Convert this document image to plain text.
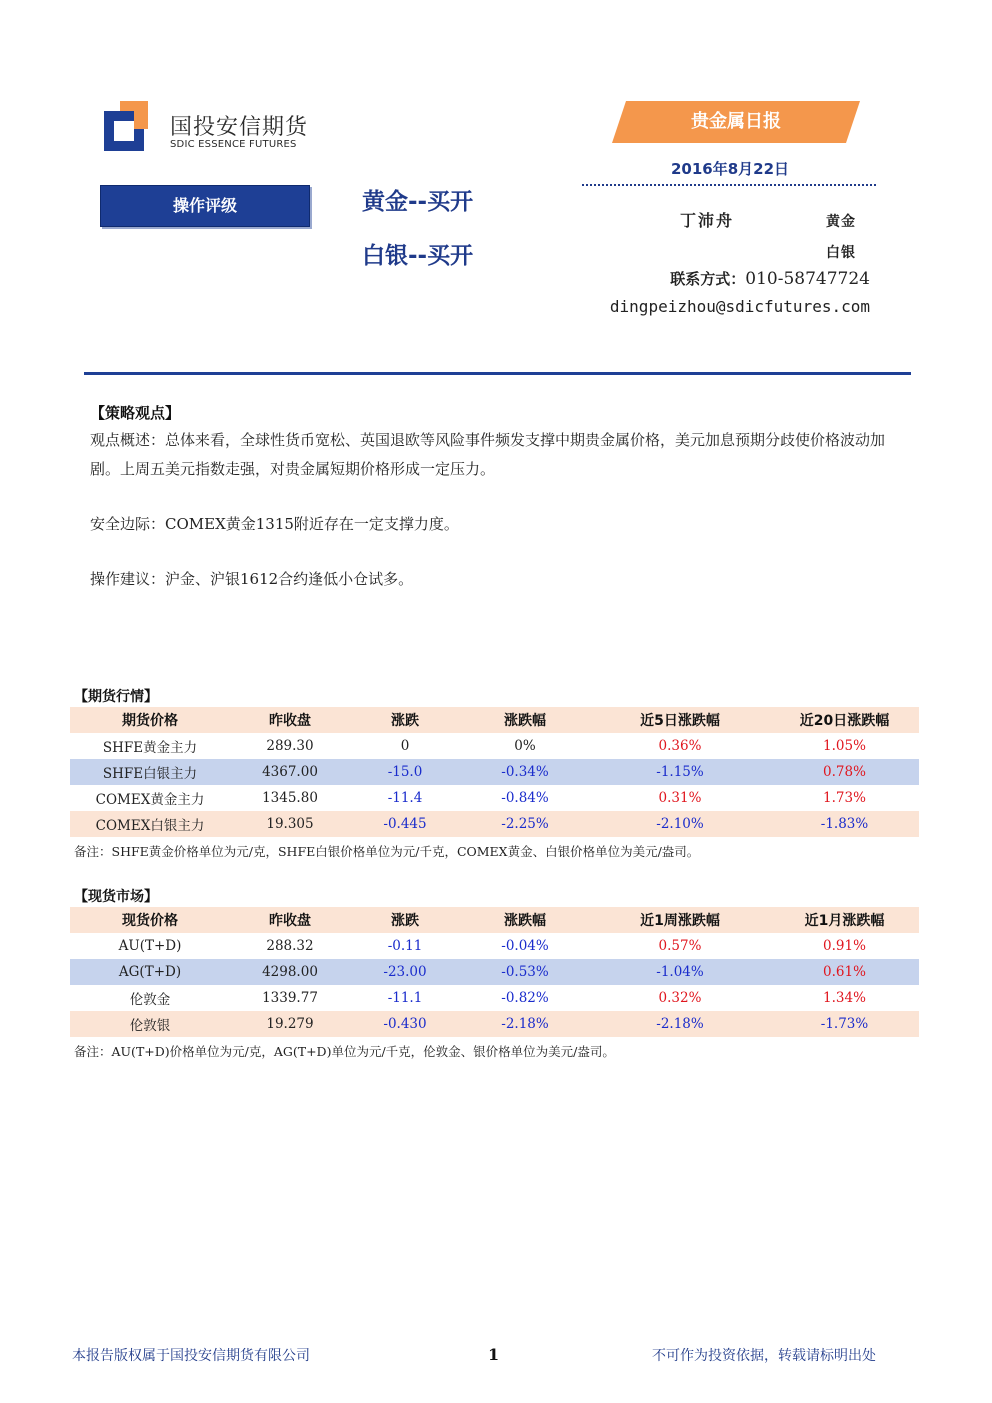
国投安信期货
SDIC ESSENCE FUTURES
贵金属日报
2016年8月22日
操作评级	黄金--买开
白银--买开
丁沛舟	黄金
白银
联系方式：010-58747724
dingpeizhou@sdicfutures.com
【策略观点】
观点概述：总体来看，全球性货币宽松、英国退欧等风险事件频发支撑中期贵金属价格，美元加息预期分歧使价格波动加剧。上周五美元指数走强，对贵金属短期价格形成一定压力。
安全边际：COMEX黄金1315附近存在一定支撑力度。
操作建议：沪金、沪银1612合约逢低小仓试多。
【期货行情】
期货价格	昨收盘	涨跌	涨跌幅	近5日涨跌幅	近20日涨跌幅
SHFE黄金主力	289.30	0	0%	0.36%	1.05%
SHFE白银主力	4367.00	-15.0	-0.34%	-1.15%	0.78%
COMEX黄金主力	1345.80	-11.4	-0.84%	0.31%	1.73%
COMEX白银主力	19.305	-0.445	-2.25%	-2.10%	-1.83%
备注：SHFE黄金价格单位为元/克，SHFE白银价格单位为元/千克，COMEX黄金、白银价格单位为美元/盎司。
【现货市场】
现货价格	昨收盘	涨跌	涨跌幅	近1周涨跌幅	近1月涨跌幅
AU(T+D)	288.32	-0.11	-0.04%	0.57%	0.91%
AG(T+D)	4298.00	-23.00	-0.53%	-1.04%	0.61%
伦敦金	1339.77	-11.1	-0.82%	0.32%	1.34%
伦敦银	19.279	-0.430	-2.18%	-2.18%	-1.73%
备注：AU(T+D)价格单位为元/克，AG(T+D)单位为元/千克，伦敦金、银价格单位为美元/盎司。
本报告版权属于国投安信期货有限公司	1	不可作为投资依据，转载请标明出处
